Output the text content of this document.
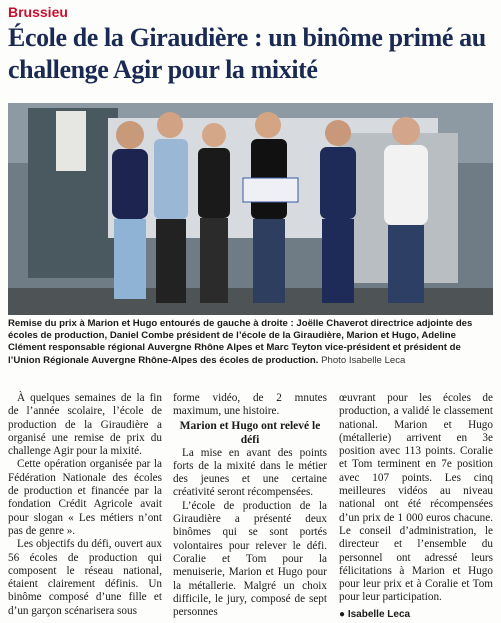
Brussieu
École de la Giraudière : un binôme primé au challenge Agir pour la mixité
Remise du prix à Marion et Hugo entourés de gauche à droite : Joëlle Chaverot directrice adjointe des écoles de production, Daniel Combe président de l’école de la Giraudière, Marion et Hugo, Adeline Clément responsable régional Auvergne Rhône Alpes et Marc Teyton vice-président et président de l’Union Régionale Auvergne Rhône-Alpes des écoles de production. Photo Isabelle Leca

À quelques semaines de la fin de l’année scolaire, l’école de production de la Giraudière a organisé une remise de prix du challenge Agir pour la mixité.

Cette opération organisée par la Fédération Nationale des écoles de production et financée par la fondation Crédit Agricole avait pour slogan « Les métiers n’ont pas de genre ».

Les objectifs du défi, ouvert aux 56 écoles de production qui composent le réseau national, étaient clairement définis. Un binôme composé d’une fille et d’un garçon scénarisera sous

forme vidéo, de 2 mnutes maximum, une histoire.

Marion et Hugo ont relevé le défi

La mise en avant des points forts de la mixité dans le métier des jeunes et une certaine créativité seront récompensées.

L’école de production de la Giraudière a présenté deux binômes qui se sont portés volontaires pour relever le défi. Coralie et Tom pour la menuiserie, Marion et Hugo pour la métallerie. Malgré un choix difficile, le jury, composé de sept personnes

œuvrant pour les écoles de production, a validé le classement national. Marion et Hugo (métallerie) arrivent en 3e position avec 113 points. Coralie et Tom terminent en 7e position avec 107 points. Les cinq meilleures vidéos au niveau national ont été récompensées d’un prix de 1 000 euros chacune. Le conseil d’administration, le directeur et l’ensemble du personnel ont adressé leurs félicitations à Marion et Hugo pour leur prix et à Coralie et Tom pour leur participation.

● Isabelle Leca
